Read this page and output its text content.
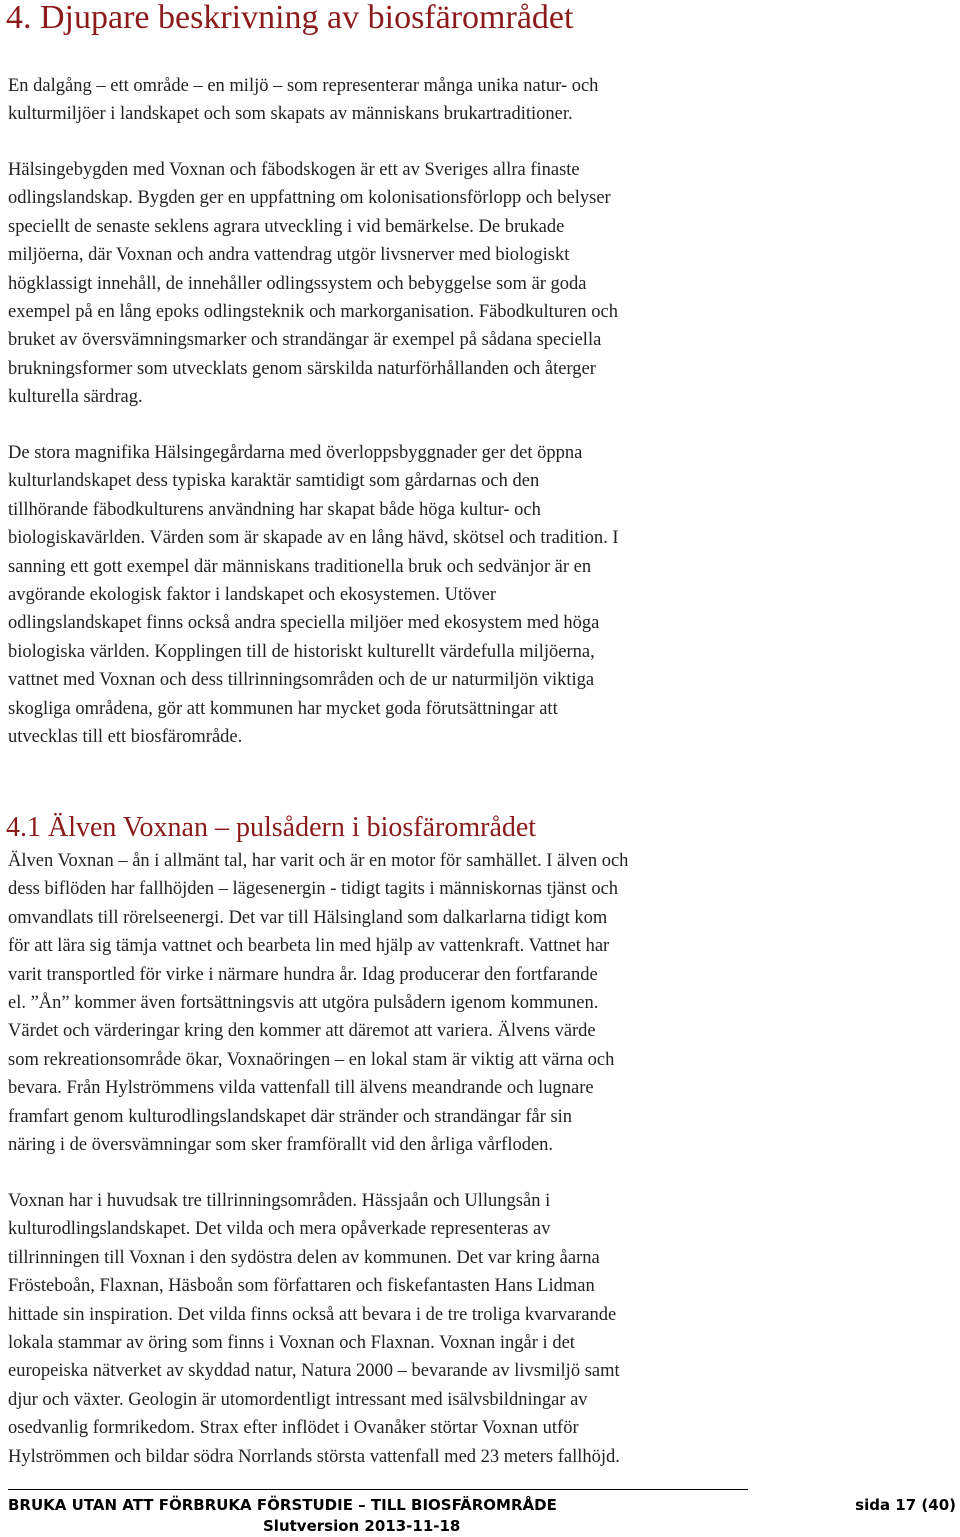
4. Djupare beskrivning av biosfärområdet
En dalgång – ett område – en miljö – som representerar många unika natur- och
kulturmiljöer i landskapet och som skapats av människans brukartraditioner.
Hälsingebygden med Voxnan och fäbodskogen är ett av Sveriges allra finaste
odlingslandskap. Bygden ger en uppfattning om kolonisationsförlopp och belyser
speciellt de senaste seklens agrara utveckling i vid bemärkelse. De brukade
miljöerna, där Voxnan och andra vattendrag utgör livsnerver med biologiskt
högklassigt innehåll, de innehåller odlingssystem och bebyggelse som är goda
exempel på en lång epoks odlingsteknik och markorganisation. Fäbodkulturen och
bruket av översvämningsmarker och strandängar är exempel på sådana speciella
brukningsformer som utvecklats genom särskilda naturförhållanden och återger
kulturella särdrag.
De stora magnifika Hälsingegårdarna med överloppsbyggnader ger det öppna
kulturlandskapet dess typiska karaktär samtidigt som gårdarnas och den
tillhörande fäbodkulturens användning har skapat både höga kultur- och
biologiskavärlden. Värden som är skapade av en lång hävd, skötsel och tradition. I
sanning ett gott exempel där människans traditionella bruk och sedvänjor är en
avgörande ekologisk faktor i landskapet och ekosystemen. Utöver
odlingslandskapet finns också andra speciella miljöer med ekosystem med höga
biologiska världen. Kopplingen till de historiskt kulturellt värdefulla miljöerna,
vattnet med Voxnan och dess tillrinningsområden och de ur naturmiljön viktiga
skogliga områdena, gör att kommunen har mycket goda förutsättningar att
utvecklas till ett biosfärområde.
4.1 Älven Voxnan – pulsådern i biosfärområdet
Älven Voxnan – ån i allmänt tal, har varit och är en motor för samhället. I älven och
dess biflöden har fallhöjden – lägesenergin - tidigt tagits i människornas tjänst och
omvandlats till rörelseenergi. Det var till Hälsingland som dalkarlarna tidigt kom
för att lära sig tämja vattnet och bearbeta lin med hjälp av vattenkraft. Vattnet har
varit transportled för virke i närmare hundra år. Idag producerar den fortfarande
el. ”Ån” kommer även fortsättningsvis att utgöra pulsådern igenom kommunen.
Värdet och värderingar kring den kommer att däremot att variera. Älvens värde
som rekreationsområde ökar, Voxnaöringen – en lokal stam är viktig att värna och
bevara. Från Hylströmmens vilda vattenfall till älvens meandrande och lugnare
framfart genom kulturodlingslandskapet där stränder och strandängar får sin
näring i de översvämningar som sker framförallt vid den årliga vårfloden.
Voxnan har i huvudsak tre tillrinningsområden. Hässjaån och Ullungsån i
kulturodlingslandskapet. Det vilda och mera opåverkade representeras av
tillrinningen till Voxnan i den sydöstra delen av kommunen. Det var kring åarna
Frösteboån, Flaxnan, Häsboån som författaren och fiskefantasten Hans Lidman
hittade sin inspiration. Det vilda finns också att bevara i de tre troliga kvarvarande
lokala stammar av öring som finns i Voxnan och Flaxnan. Voxnan ingår i det
europeiska nätverket av skyddad natur, Natura 2000 – bevarande av livsmiljö samt
djur och växter. Geologin är utomordentligt intressant med isälvsbildningar av
osedvanlig formrikedom. Strax efter inflödet i Ovanåker störtar Voxnan utför
Hylströmmen och bildar södra Norrlands största vattenfall med 23 meters fallhöjd.
BRUKA UTAN ATT FÖRBRUKA FÖRSTUDIE – TILL BIOSFÄROMRÅDE	sida 17 (40)
Slutversion 2013-11-18
